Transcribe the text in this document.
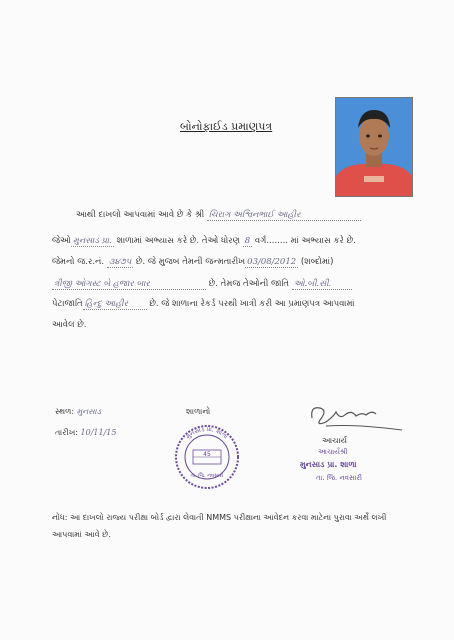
બોનોફાઈડ પ્રમાણપત્ર
આથી દાખલો આપવામાં આવે છે કે શ્રી ચિરાગ અશ્વિનભાઈ આહીર
જેઓ મુનસાડ પ્રા. શાળામાં અભ્યાસ કરે છે. તેઓ ધોરણ 8 વર્ગ........ માં અભ્યાસ કરે છે.
જેમનો જ.ર.નં. ૩૪૭૫ છે. જે મુજબ તેમની જન્મતારીખ 03/08/2012 (શબ્દોમાં)
ત્રીજી ઓગસ્ટ બે હજાર બાર	છે. તેમજ તેઓની જાતિ ઓ.બી.સી.
પેટાજાતિ હિન્દુ આહીર	છે. જે શાળાના રેકર્ડ પરથી ખાત્રી કરી આ પ્રમાણપત્ર આપવામાં
આવેલ છે.
સ્થળ: મુનસાડ
તારીખ: 10/11/15
શાળાનો
45
મુનસાડ પ્રા. શાળા
તા. જિ. નવસારી
આચાર્ય
આચાર્યશ્રી
મુનસાડ પ્રા. શાળા
તા. જિ. નવસારી
નોંધ: આ દાખલો રાજ્ય પરીક્ષા બોર્ડ દ્વારા લેવાતી NMMS પરીક્ષાના આવેદન કરવા માટેના પુરાવા અર્થે લખી
આપવામાં આવે છે.
